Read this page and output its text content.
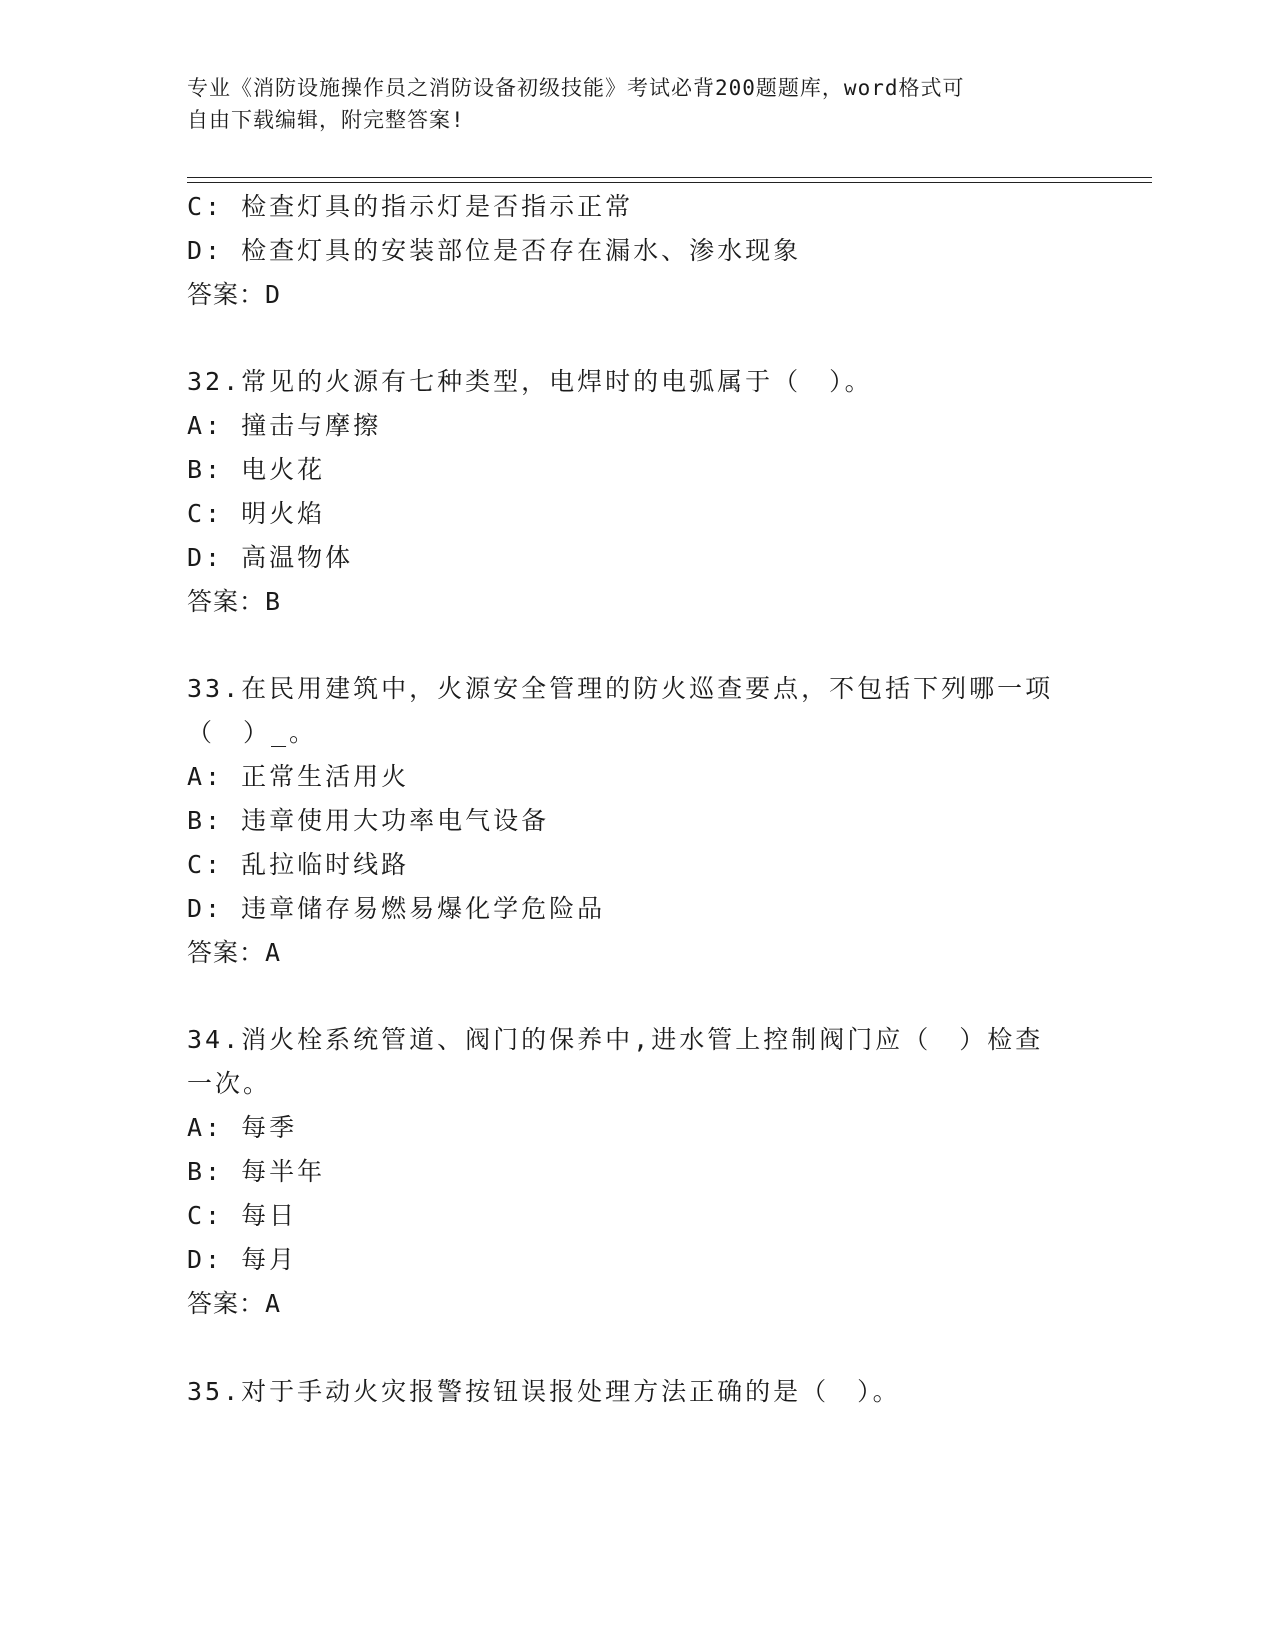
专业《消防设施操作员之消防设备初级技能》考试必背200题题库，word格式可
自由下载编辑，附完整答案!
C: 检查灯具的指示灯是否指示正常
D: 检查灯具的安装部位是否存在漏水、渗水现象
答案：D
32.常见的火源有七种类型，电焊时的电弧属于（　）。
A: 撞击与摩擦
B: 电火花
C: 明火焰
D: 高温物体
答案：B
33.在民用建筑中，火源安全管理的防火巡查要点，不包括下列哪一项
（　）_。
A: 正常生活用火
B: 违章使用大功率电气设备
C: 乱拉临时线路
D: 违章储存易燃易爆化学危险品
答案：A
34.消火栓系统管道、阀门的保养中,进水管上控制阀门应（　）检查
一次。
A: 每季
B: 每半年
C: 每日
D: 每月
答案：A
35.对于手动火灾报警按钮误报处理方法正确的是（　）。
